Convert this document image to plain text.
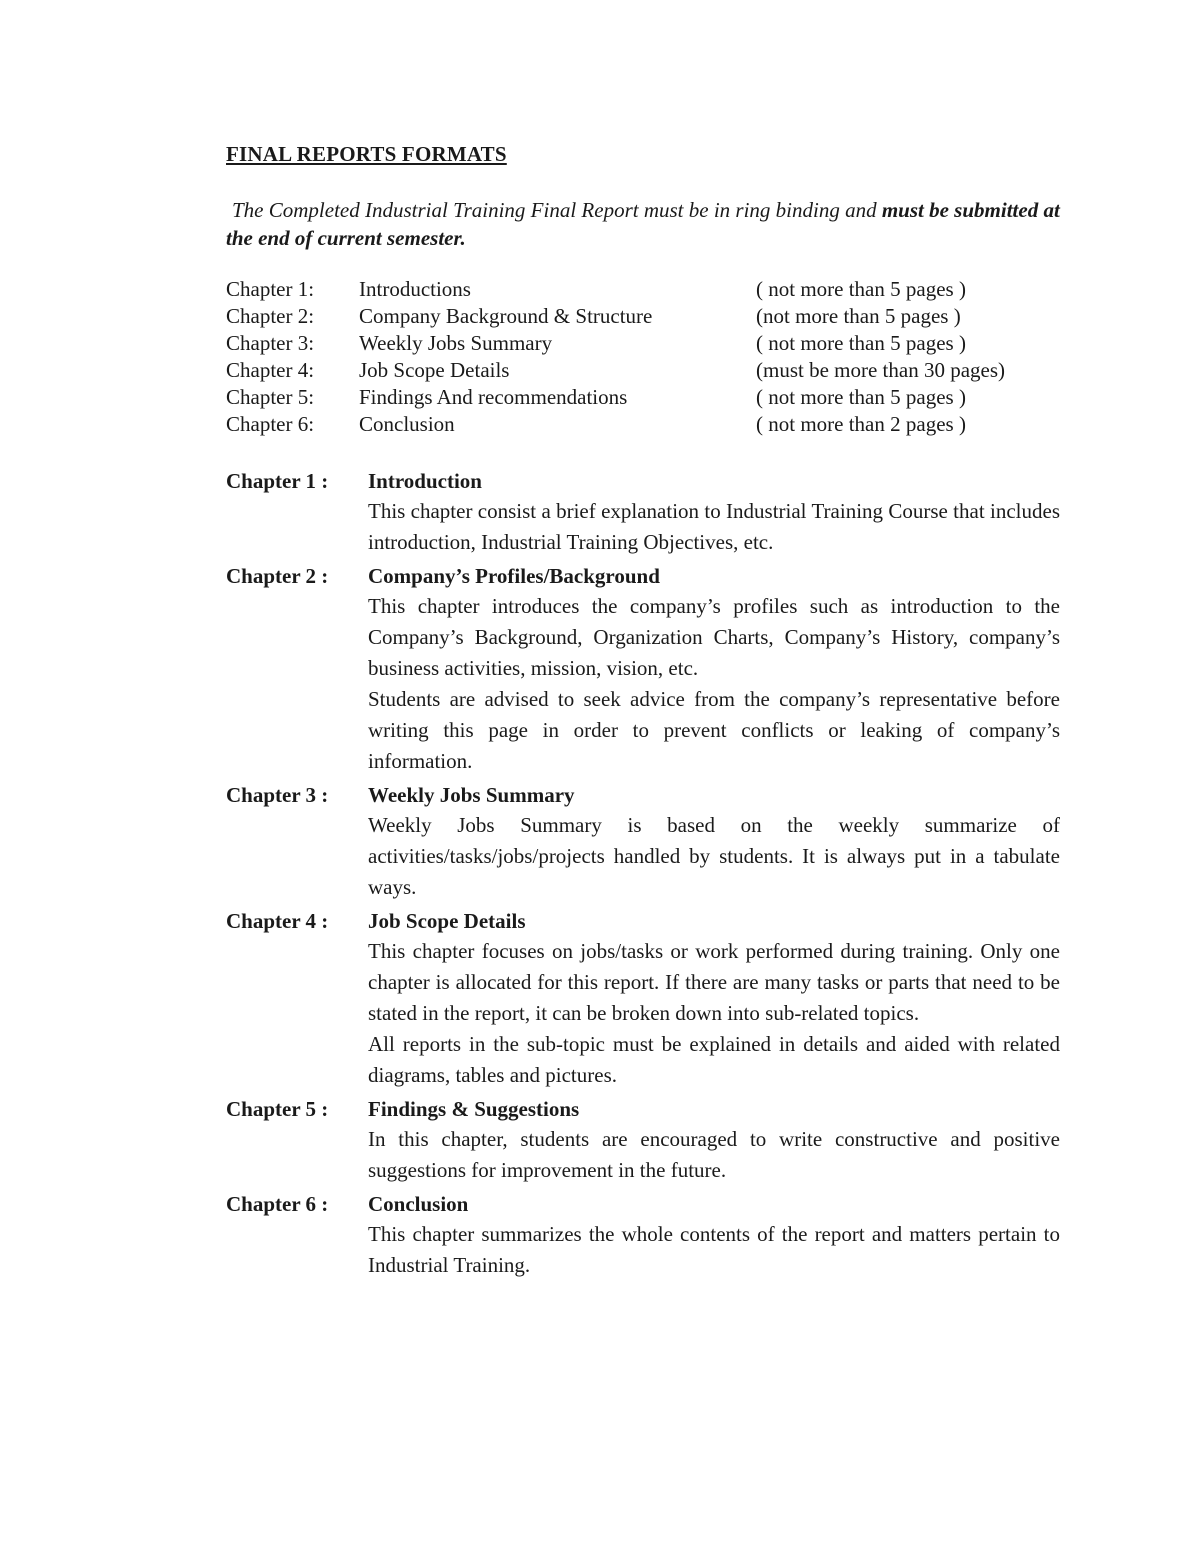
FINAL REPORTS FORMATS

The Completed Industrial Training Final Report must be in ring binding and must be submitted at the end of current semester.

Chapter 1: Introductions	( not more than 5 pages )
Chapter 2: Company Background & Structure	(not more than 5 pages )
Chapter 3: Weekly Jobs Summary	( not more than 5 pages )
Chapter 4: Job Scope Details	(must be more than 30 pages)
Chapter 5: Findings And recommendations	( not more than 5 pages )
Chapter 6: Conclusion	( not more than 2 pages )
Chapter 1 : Introduction

This chapter consist a brief explanation to Industrial Training Course that includes introduction, Industrial Training Objectives, etc.

Chapter 2 : Company’s Profiles/Background

This chapter introduces the company’s profiles such as introduction to the Company’s Background, Organization Charts, Company’s History, company’s business activities, mission, vision, etc.

Students are advised to seek advice from the company’s representative before writing this page in order to prevent conflicts or leaking of company’s information.

Chapter 3 : Weekly Jobs Summary

Weekly Jobs Summary is based on the weekly summarize of activities/tasks/jobs/projects handled by students. It is always put in a tabulate ways.

Chapter 4 : Job Scope Details

This chapter focuses on jobs/tasks or work performed during training. Only one chapter is allocated for this report. If there are many tasks or parts that need to be stated in the report, it can be broken down into sub-related topics.

All reports in the sub-topic must be explained in details and aided with related diagrams, tables and pictures.

Chapter 5 : Findings & Suggestions

In this chapter, students are encouraged to write constructive and positive suggestions for improvement in the future.

Chapter 6 : Conclusion

This chapter summarizes the whole contents of the report and matters pertain to Industrial Training.
